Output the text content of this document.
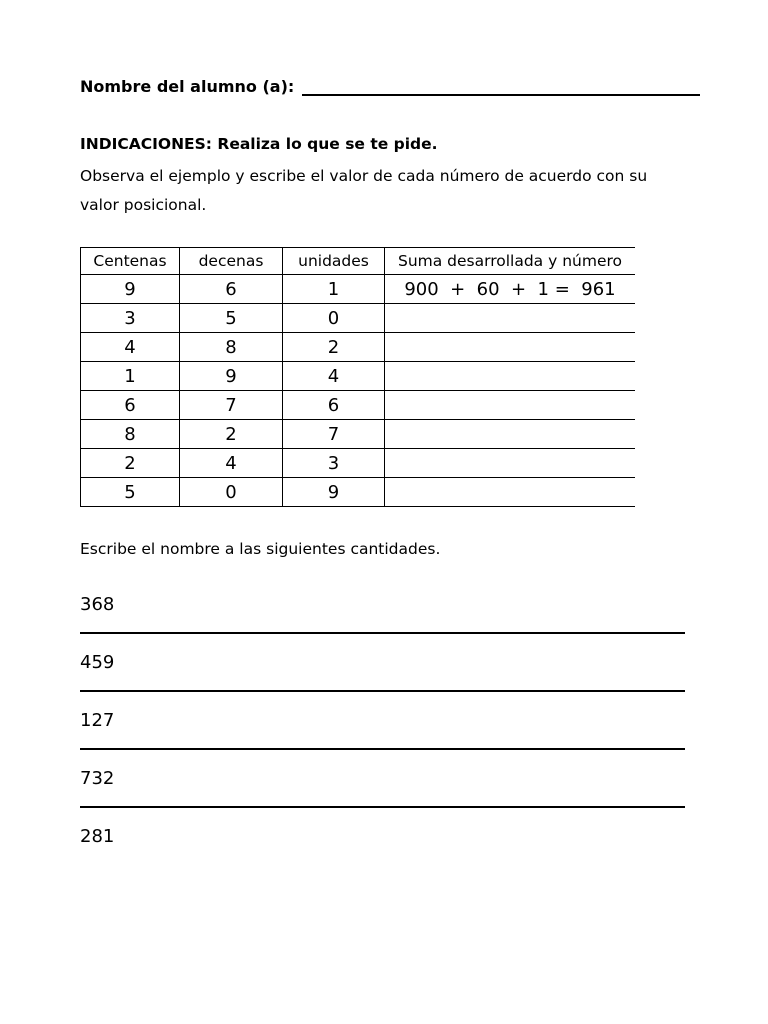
Nombre del alumno (a):
INDICACIONES: Realiza lo que se te pide.
Observa el ejemplo y escribe el valor de cada número de acuerdo con su valor posicional.
Centenas	decenas	unidades	Suma desarrollada y número
9	6	1	900  +  60  +  1 =  961
3	5	0	
4	8	2	
1	9	4	
6	7	6	
8	2	7	
2	4	3	
5	0	9	
Escribe el nombre a las siguientes cantidades.
368
459
127
732
281
